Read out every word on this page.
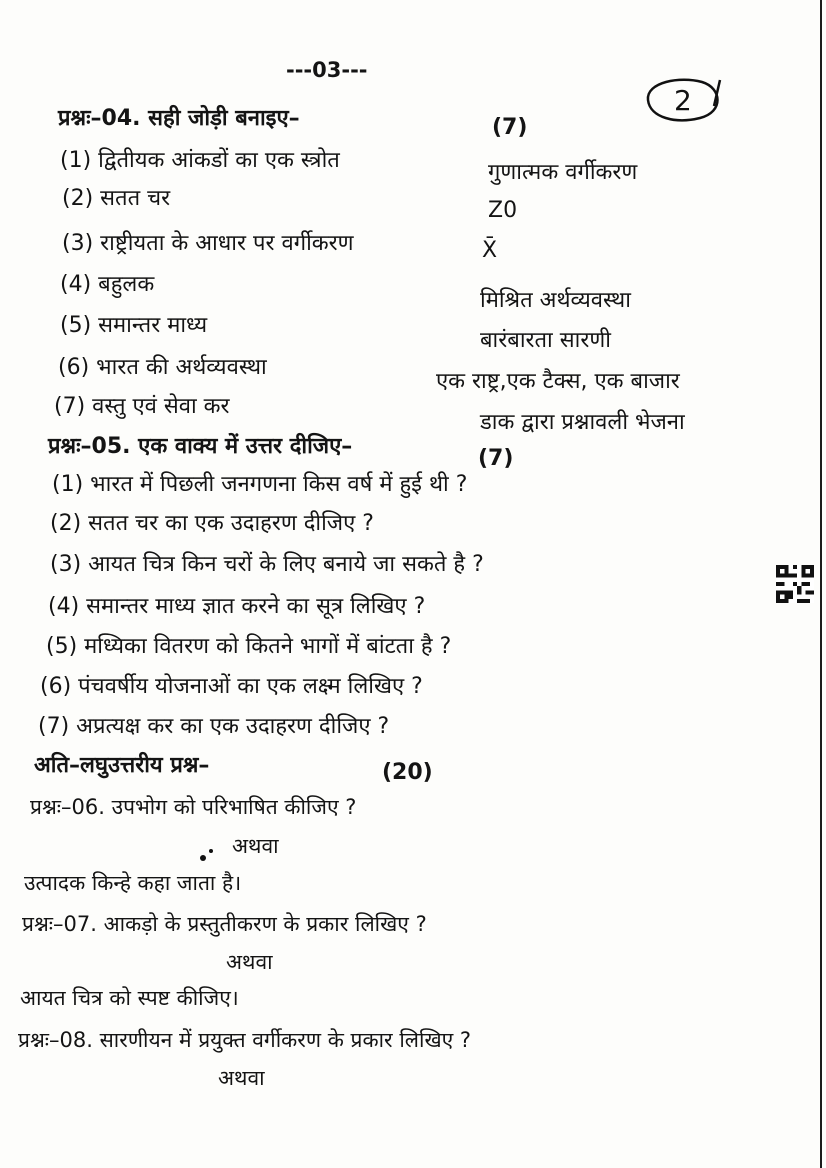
---03---
2
प्रश्नः–04. सही जोड़ी बनाइए–	(7)
(1) द्वितीयक आंकडों का एक स्त्रोत
(2) सतत चर
(3) राष्ट्रीयता के आधार पर वर्गीकरण
(4) बहुलक
(5) समान्तर माध्य
(6) भारत की अर्थव्यवस्था
(7) वस्तु एवं सेवा कर
गुणात्मक वर्गीकरण
Z0
X̄
मिश्रित अर्थव्यवस्था
बारंबारता सारणी
एक राष्ट्र,एक टैक्स, एक बाजार
डाक द्वारा प्रश्नावली भेजना
प्रश्नः–05. एक वाक्य में उत्तर दीजिए–	(7)
(1) भारत में पिछली जनगणना किस वर्ष में हुई थी ?
(2) सतत चर का एक उदाहरण दीजिए ?
(3) आयत चित्र किन चरों के लिए बनाये जा सकते है ?
(4) समान्तर माध्य ज्ञात करने का सूत्र लिखिए ?
(5) मध्यिका वितरण को कितने भागों में बांटता है ?
(6) पंचवर्षीय योजनाओं का एक लक्ष्म लिखिए ?
(7) अप्रत्यक्ष कर का एक उदाहरण दीजिए ?
अति–लघुउत्तरीय प्रश्न–	(20)
प्रश्नः–06. उपभोग को परिभाषित कीजिए ?
अथवा
उत्पादक किन्हे कहा जाता है।
प्रश्नः–07. आकड़ो के प्रस्तुतीकरण के प्रकार लिखिए ?
अथवा
आयत चित्र को स्पष्ट कीजिए।
प्रश्नः–08. सारणीयन में प्रयुक्त वर्गीकरण के प्रकार लिखिए ?
अथवा
